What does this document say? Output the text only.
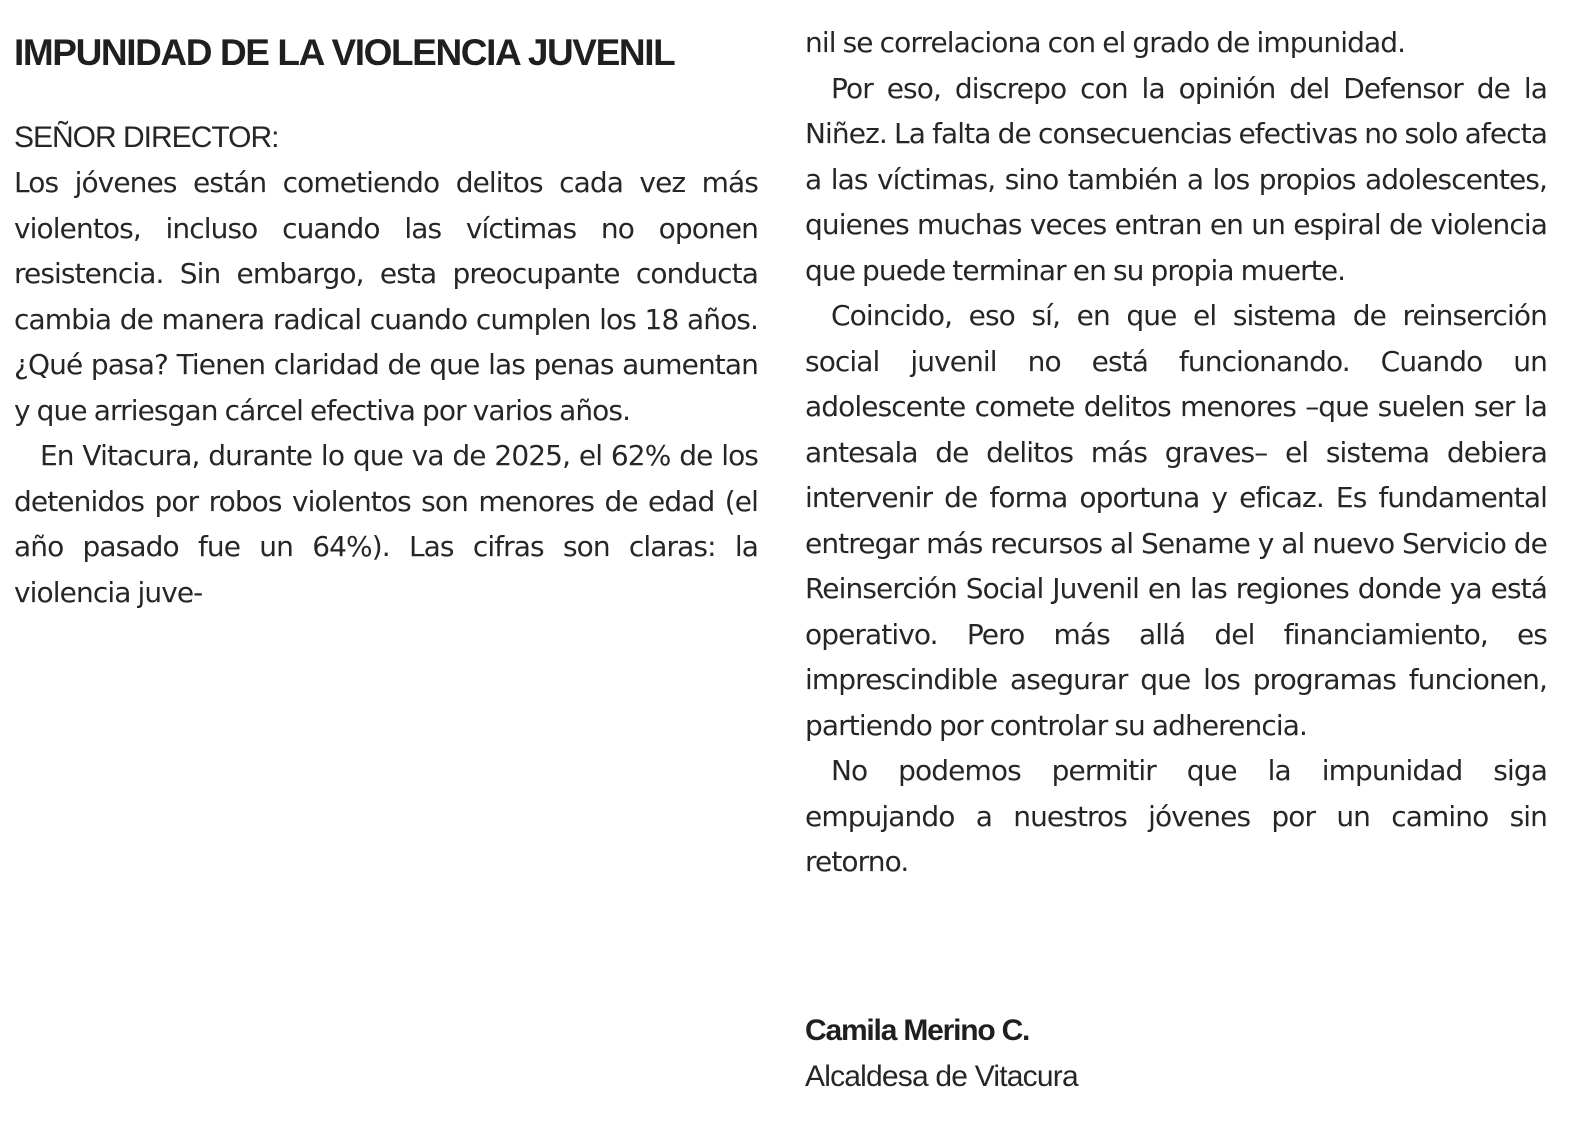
IMPUNIDAD DE LA VIOLENCIA JUVENIL
SEÑOR DIRECTOR:

Los jóvenes están cometiendo delitos cada vez más violentos, incluso cuando las víctimas no oponen resistencia. Sin embargo, esta preocupante conducta cambia de manera radical cuando cumplen los 18 años. ¿Qué pasa? Tienen claridad de que las penas aumentan y que arriesgan cárcel efectiva por varios años.

En Vitacura, durante lo que va de 2025, el 62% de los detenidos por robos violentos son menores de edad (el año pasado fue un 64%). Las cifras son claras: la violencia juve-

nil se correlaciona con el grado de impunidad.

Por eso, discrepo con la opinión del Defensor de la Niñez. La falta de consecuencias efectivas no solo afecta a las víctimas, sino también a los propios adolescentes, quienes muchas veces entran en un espiral de violencia que puede terminar en su propia muerte.

Coincido, eso sí, en que el sistema de reinserción social juvenil no está funcionando. Cuando un adolescente comete delitos menores –que suelen ser la antesala de delitos más graves– el sistema debiera intervenir de forma oportuna y eficaz. Es fundamental entregar más recursos al Sename y al nuevo Servicio de Reinserción Social Juvenil en las regiones donde ya está operativo. Pero más allá del financiamiento, es imprescindible asegurar que los programas funcionen, partiendo por controlar su adherencia.

No podemos permitir que la impunidad siga empujando a nuestros jóvenes por un camino sin retorno.

Camila Merino C.
Alcaldesa de Vitacura
